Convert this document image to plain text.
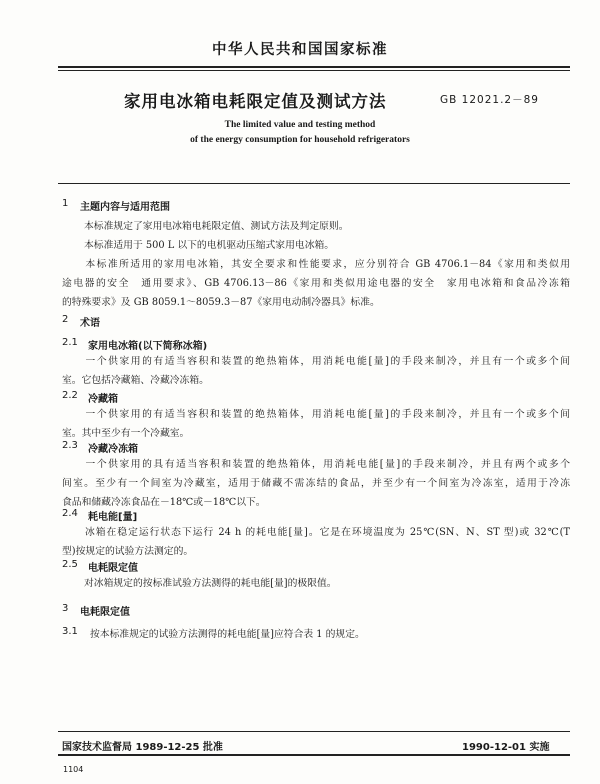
中华人民共和国国家标准
家用电冰箱电耗限定值及测试方法	GB 12021.2－89
The limited value and testing method
of the energy consumption for household refrigerators
1 主题内容与适用范围
本标准规定了家用电冰箱电耗限定值、测试方法及判定原则。
本标准适用于 500 L 以下的电机驱动压缩式家用电冰箱。
本标准所适用的家用电冰箱，其安全要求和性能要求，应分别符合 GB 4706.1－84《家用和类似用
途电器的安全　通用要求》、GB 4706.13－86《家用和类似用途电器的安全　家用电冰箱和食品冷冻箱
的特殊要求》及 GB 8059.1～8059.3－87《家用电动制冷器具》标准。
2 术语
2.1 家用电冰箱(以下简称冰箱)
一个供家用的有适当容积和装置的绝热箱体，用消耗电能[量]的手段来制冷，并且有一个或多个间
室。它包括冷藏箱、冷藏冷冻箱。
2.2 冷藏箱
一个供家用的有适当容积和装置的绝热箱体，用消耗电能[量]的手段来制冷，并且有一个或多个间
室。其中至少有一个冷藏室。
2.3 冷藏冷冻箱
一个供家用的具有适当容积和装置的绝热箱体，用消耗电能[量]的手段来制冷，并且有两个或多个
间室。至少有一个间室为冷藏室，适用于储藏不需冻结的食品，并至少有一个间室为冷冻室，适用于冷冻
食品和储藏冷冻食品在－18℃或－18℃以下。
2.4 耗电能[量]
冰箱在稳定运行状态下运行 24 h 的耗电能[量]。它是在环境温度为 25℃(SN、N、ST 型)或 32℃(T
型)按规定的试验方法测定的。
2.5 电耗限定值
对冰箱规定的按标准试验方法测得的耗电能[量]的极限值。
3 电耗限定值
3.1 按本标准规定的试验方法测得的耗电能[量]应符合表 1 的规定。
国家技术监督局 1989-12-25 批准	1990-12-01 实施
1104
